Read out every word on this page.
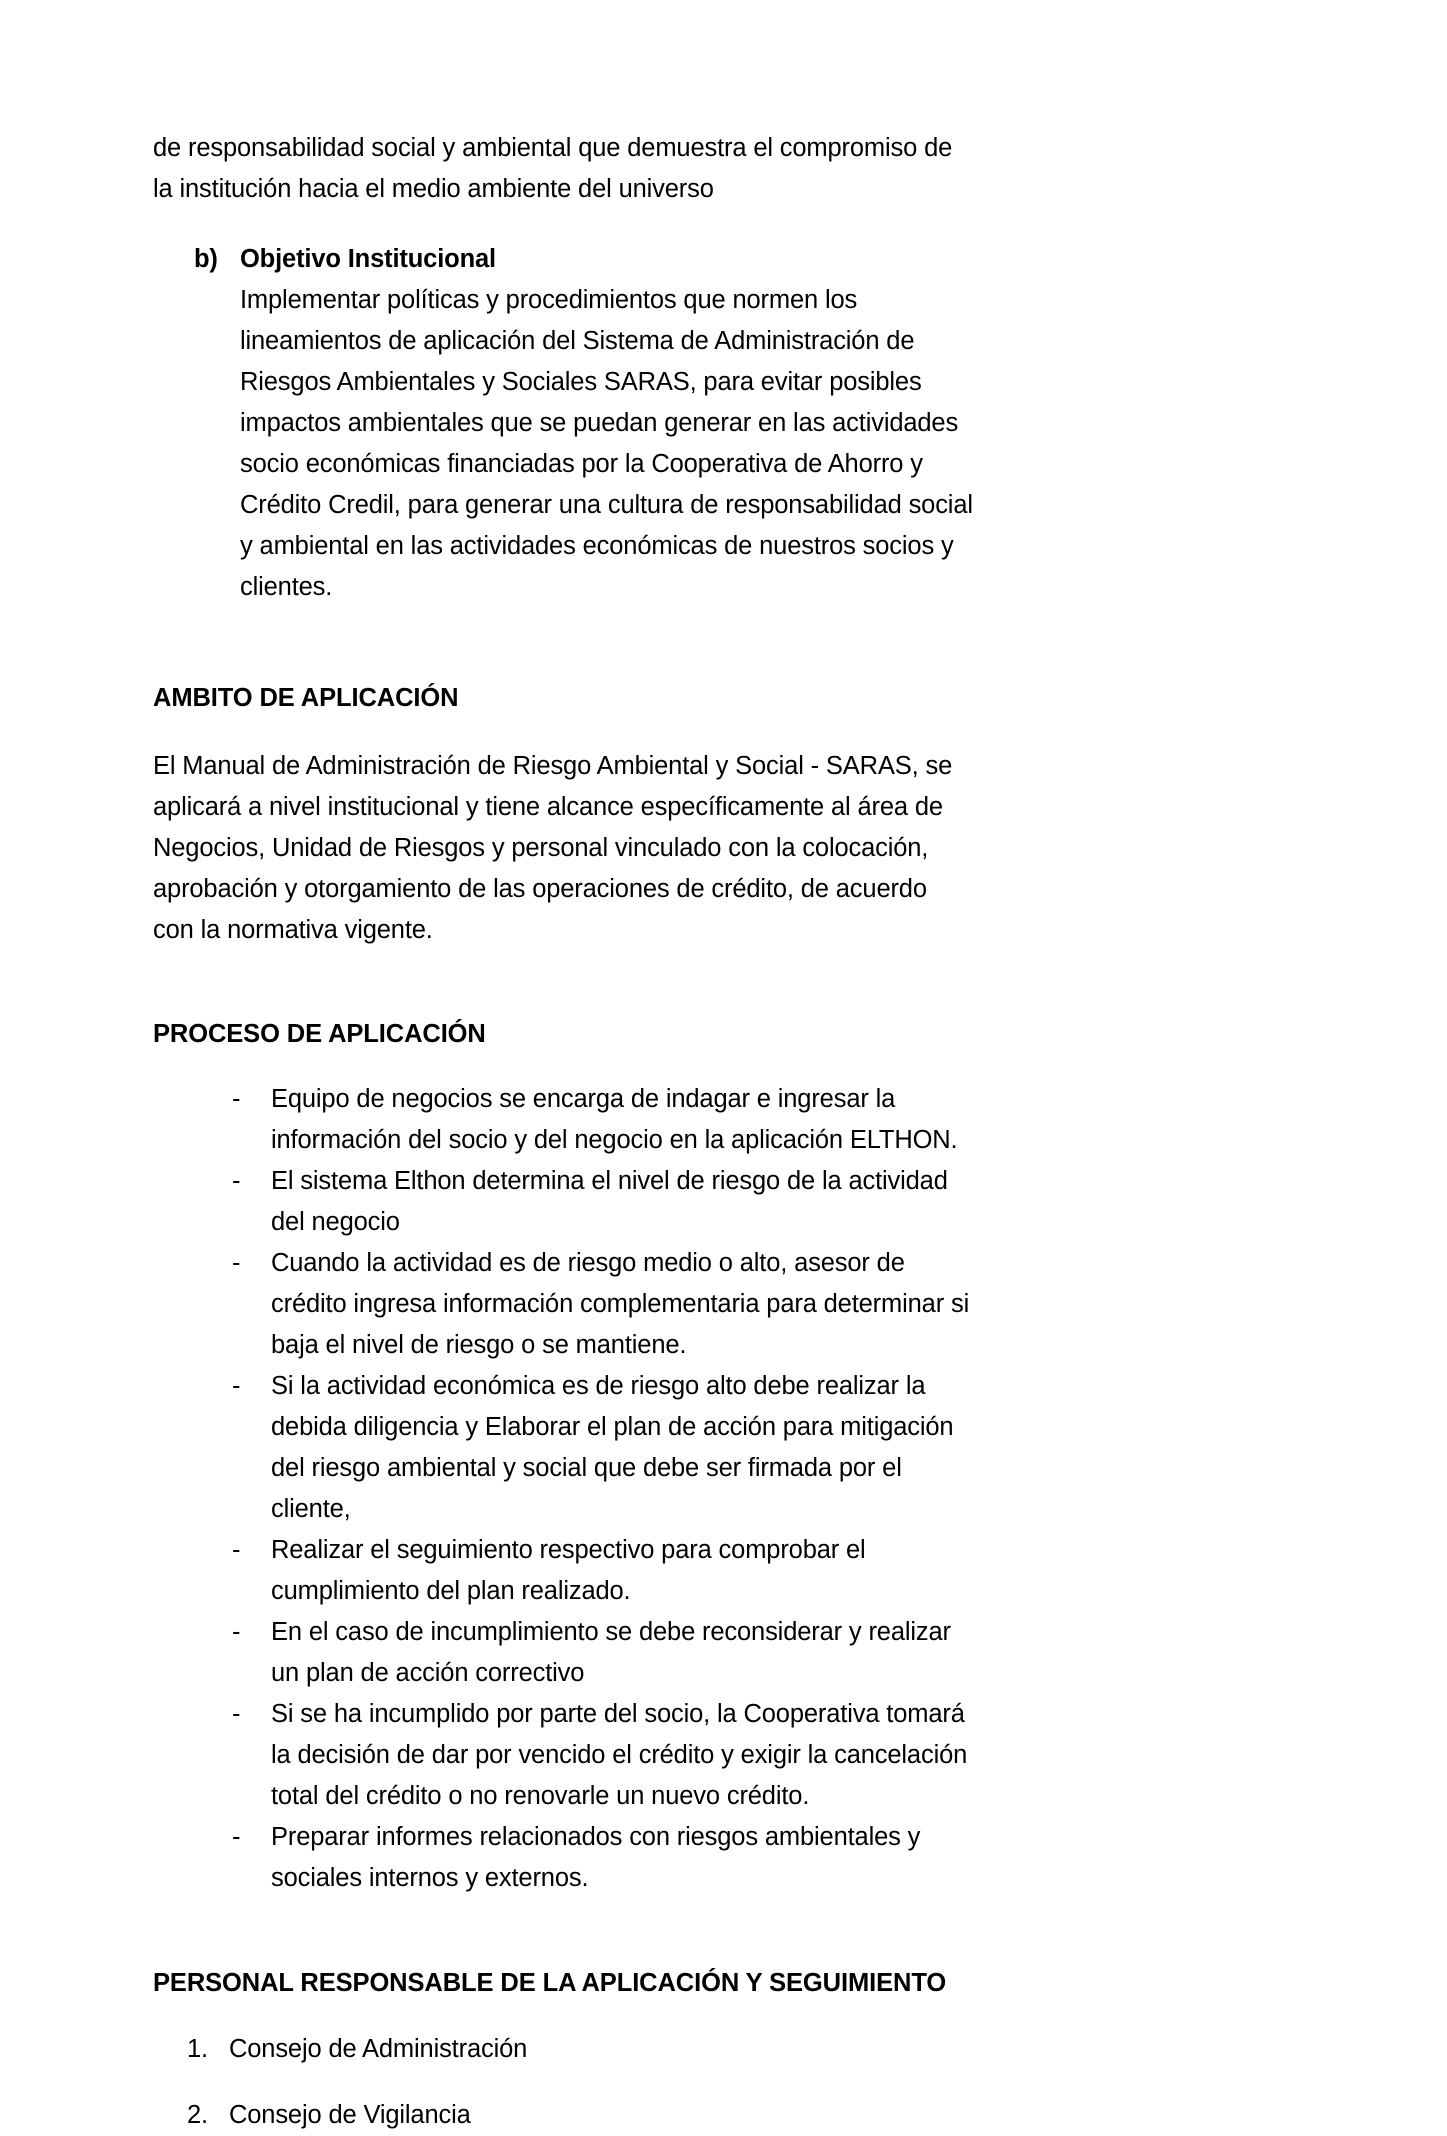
de responsabilidad social y ambiental que demuestra el compromiso de la institución hacia el medio ambiente del universo

b) Objetivo Institucional

Implementar políticas y procedimientos que normen los lineamientos de aplicación del Sistema de Administración de Riesgos Ambientales y Sociales SARAS, para evitar posibles impactos ambientales que se puedan generar en las actividades socio económicas financiadas por la Cooperativa de Ahorro y Crédito Credil, para generar una cultura de responsabilidad social y ambiental en las actividades económicas de nuestros socios y clientes.

AMBITO DE APLICACIÓN

El Manual de Administración de Riesgo Ambiental y Social - SARAS, se aplicará a nivel institucional y tiene alcance específicamente al área de Negocios, Unidad de Riesgos y personal vinculado con la colocación, aprobación y otorgamiento de las operaciones de crédito, de acuerdo con la normativa vigente.

PROCESO DE APLICACIÓN
-	Equipo de negocios se encarga de indagar e ingresar la información del socio y del negocio en la aplicación ELTHON.
-	El sistema Elthon determina el nivel de riesgo de la actividad del negocio
-	Cuando la actividad es de riesgo medio o alto, asesor de crédito ingresa información complementaria para determinar si baja el nivel de riesgo o se mantiene.
-	Si la actividad económica es de riesgo alto debe realizar la debida diligencia y Elaborar el plan de acción para mitigación del riesgo ambiental y social que debe ser firmada por el cliente,
-	Realizar el seguimiento respectivo para comprobar el cumplimiento del plan realizado.
-	En el caso de incumplimiento se debe reconsiderar y realizar un plan de acción correctivo
-	Si se ha incumplido por parte del socio, la Cooperativa tomará la decisión de dar por vencido el crédito y exigir la cancelación total del crédito o no renovarle un nuevo crédito.
-	Preparar informes relacionados con riesgos ambientales y sociales internos y externos.
PERSONAL RESPONSABLE DE LA APLICACIÓN Y SEGUIMIENTO
1. Consejo de Administración
2. Consejo de Vigilancia
